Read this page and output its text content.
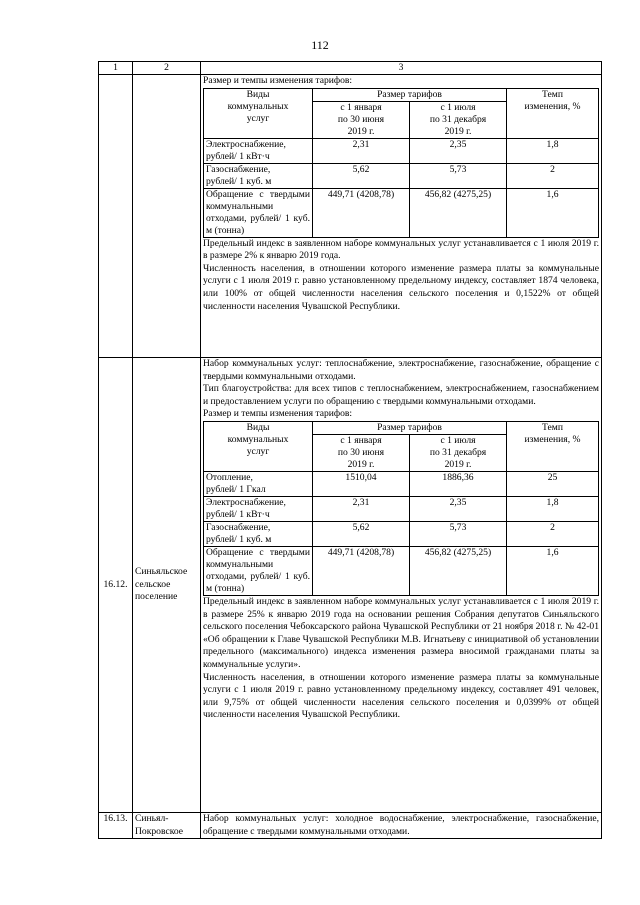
112
1	2	3

Размер и темпы изменения тарифов:

Виды
коммунальных
услуг	Размер тарифов	Темп
изменения, %
с 1 января
по 30 июня
2019 г.	с 1 июля
по 31 декабря
2019 г.
Электроснабжение,
рублей/ 1 кВт·ч	2,31	2,35	1,8
Газоснабжение,
рублей/ 1 куб. м	5,62	5,73	2
Обращение с твердыми коммунальными отходами, рублей/ 1 куб. м (тонна)	449,71 (4208,78)	456,82 (4275,25)	1,6

Предельный индекс в заявленном наборе коммунальных услуг устанавливается с 1 июля 2019 г. в размере 2% к январю 2019 года.

Численность населения, в отношении которого изменение размера платы за коммунальные услуги с 1 июля 2019 г. равно установленному предельному индексу, составляет 1874 человека, или 100% от общей численности населения сельского поселения и 0,1522% от общей численности населения Чувашской Республики.

16.12.	Синьяльское сельское поселение	

Набор коммунальных услуг: теплоснабжение, электроснабжение, газоснабжение, обращение с твердыми коммунальными отходами.

Тип благоустройства: для всех типов с теплоснабжением, электроснабжением, газоснабжением и предоставлением услуги по обращению с твердыми коммунальными отходами.

Размер и темпы изменения тарифов:

Виды
коммунальных
услуг	Размер тарифов	Темп
изменения, %
с 1 января
по 30 июня
2019 г.	с 1 июля
по 31 декабря
2019 г.
Отопление,
рублей/ 1 Гкал	1510,04	1886,36	25
Электроснабжение,
рублей/ 1 кВт·ч	2,31	2,35	1,8
Газоснабжение,
рублей/ 1 куб. м	5,62	5,73	2
Обращение с твердыми коммунальными отходами, рублей/ 1 куб. м (тонна)	449,71 (4208,78)	456,82 (4275,25)	1,6

Предельный индекс в заявленном наборе коммунальных услуг устанавливается с 1 июля 2019 г. в размере 25% к январю 2019 года на основании решения Собрания депутатов Синьяльского сельского поселения Чебоксарского района Чувашской Республики от 21 ноября 2018 г. № 42-01 «Об обращении к Главе Чувашской Республики М.В. Игнатьеву с инициативой об установлении предельного (максимального) индекса изменения размера вносимой гражданами платы за коммунальные услуги».

Численность населения, в отношении которого изменение размера платы за коммунальные услуги с 1 июля 2019 г. равно установленному предельному индексу, составляет 491 человек, или 9,75% от общей численности населения сельского поселения и 0,0399% от общей численности населения Чувашской Республики.

16.13.	Синьял-Покровское	

Набор коммунальных услуг: холодное водоснабжение, электроснабжение, газоснабжение, обращение с твердыми коммунальными отходами.
